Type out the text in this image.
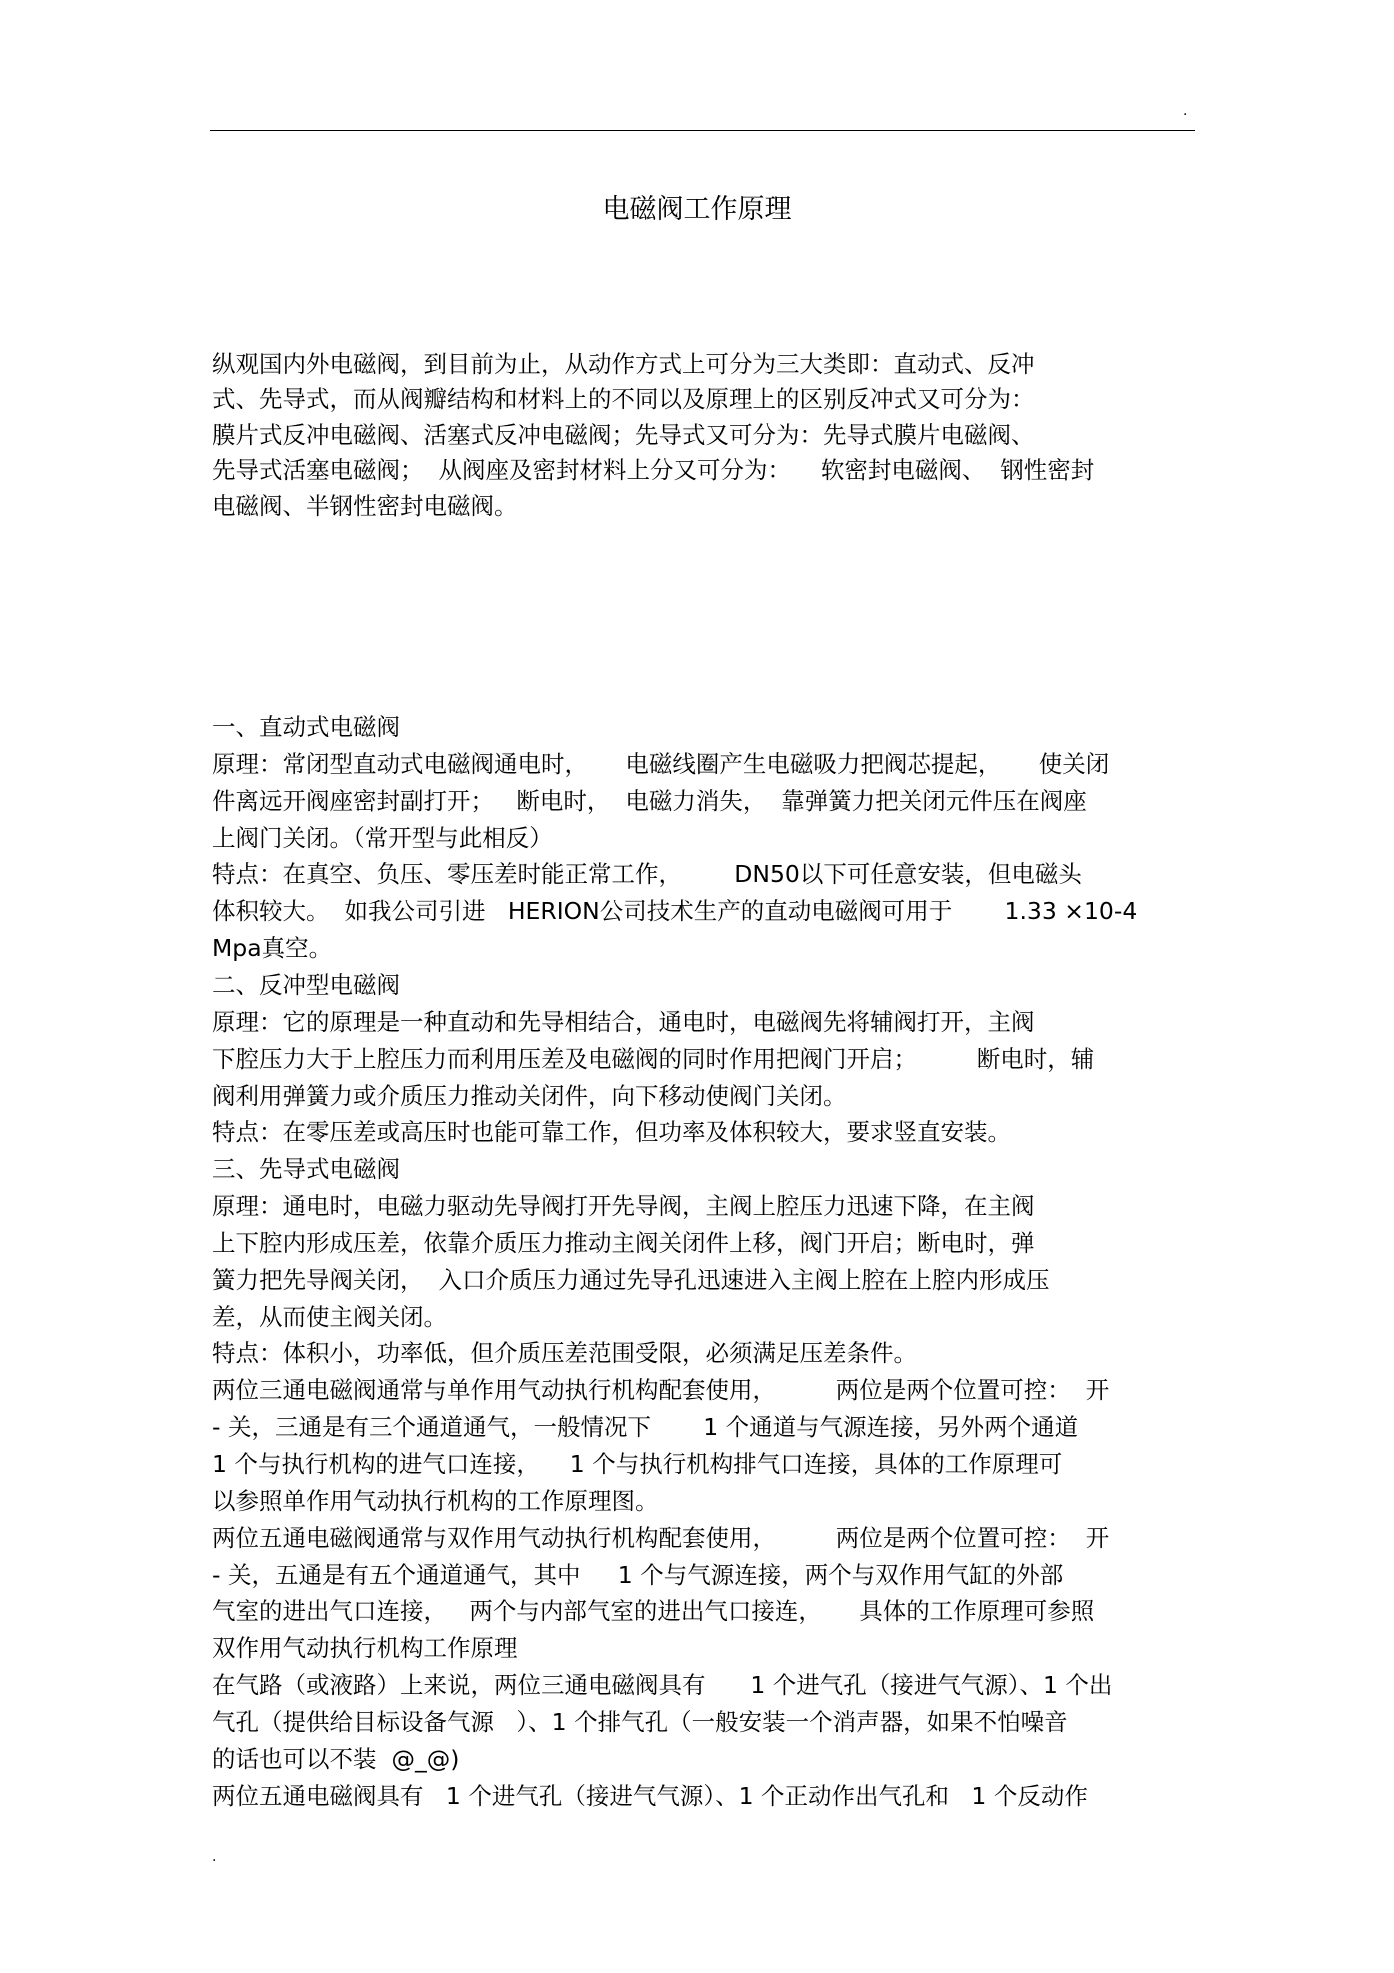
.
电磁阀工作原理
纵观国内外电磁阀，到目前为止，从动作方式上可分为三大类即：直动式、反冲
式、先导式，而从阀瓣结构和材料上的不同以及原理上的区别反冲式又可分为：
膜片式反冲电磁阀、活塞式反冲电磁阀；先导式又可分为：先导式膜片电磁阀、
先导式活塞电磁阀；  从阀座及密封材料上分又可分为：    软密封电磁阀、  钢性密封
电磁阀、半钢性密封电磁阀。
一、直动式电磁阀
原理：常闭型直动式电磁阀通电时，     电磁线圈产生电磁吸力把阀芯提起，     使关闭
件离远开阀座密封副打开；   断电时，  电磁力消失，  靠弹簧力把关闭元件压在阀座
上阀门关闭。（常开型与此相反）
特点：在真空、负压、零压差时能正常工作，       DN50以下可任意安装，但电磁头
体积较大。  如我公司引进   HERION公司技术生产的直动电磁阀可用于       1.33 ×10-4
Mpa真空。
二、反冲型电磁阀
原理：它的原理是一种直动和先导相结合，通电时，电磁阀先将辅阀打开，主阀
下腔压力大于上腔压力而利用压差及电磁阀的同时作用把阀门开启；        断电时，辅
阀利用弹簧力或介质压力推动关闭件，向下移动使阀门关闭。
特点：在零压差或高压时也能可靠工作，但功率及体积较大，要求竖直安装。
三、先导式电磁阀
原理：通电时，电磁力驱动先导阀打开先导阀，主阀上腔压力迅速下降，在主阀
上下腔内形成压差，依靠介质压力推动主阀关闭件上移，阀门开启；断电时，弹
簧力把先导阀关闭，  入口介质压力通过先导孔迅速进入主阀上腔在上腔内形成压
差，从而使主阀关闭。
特点：体积小，功率低，但介质压差范围受限，必须满足压差条件。
两位三通电磁阀通常与单作用气动执行机构配套使用，        两位是两个位置可控：  开
- 关，三通是有三个通道通气，一般情况下       1 个通道与气源连接，另外两个通道
1 个与执行机构的进气口连接，    1 个与执行机构排气口连接，具体的工作原理可
以参照单作用气动执行机构的工作原理图。
两位五通电磁阀通常与双作用气动执行机构配套使用，        两位是两个位置可控：  开
- 关，五通是有五个通道通气，其中     1 个与气源连接，两个与双作用气缸的外部
气室的进出气口连接，   两个与内部气室的进出气口接连，     具体的工作原理可参照
双作用气动执行机构工作原理
在气路（或液路）上来说，两位三通电磁阀具有      1 个进气孔（接进气气源）、1 个出
气孔（提供给目标设备气源   ）、1 个排气孔（一般安装一个消声器，如果不怕噪音
的话也可以不装  @_@)
两位五通电磁阀具有   1 个进气孔（接进气气源）、1 个正动作出气孔和   1 个反动作
.
